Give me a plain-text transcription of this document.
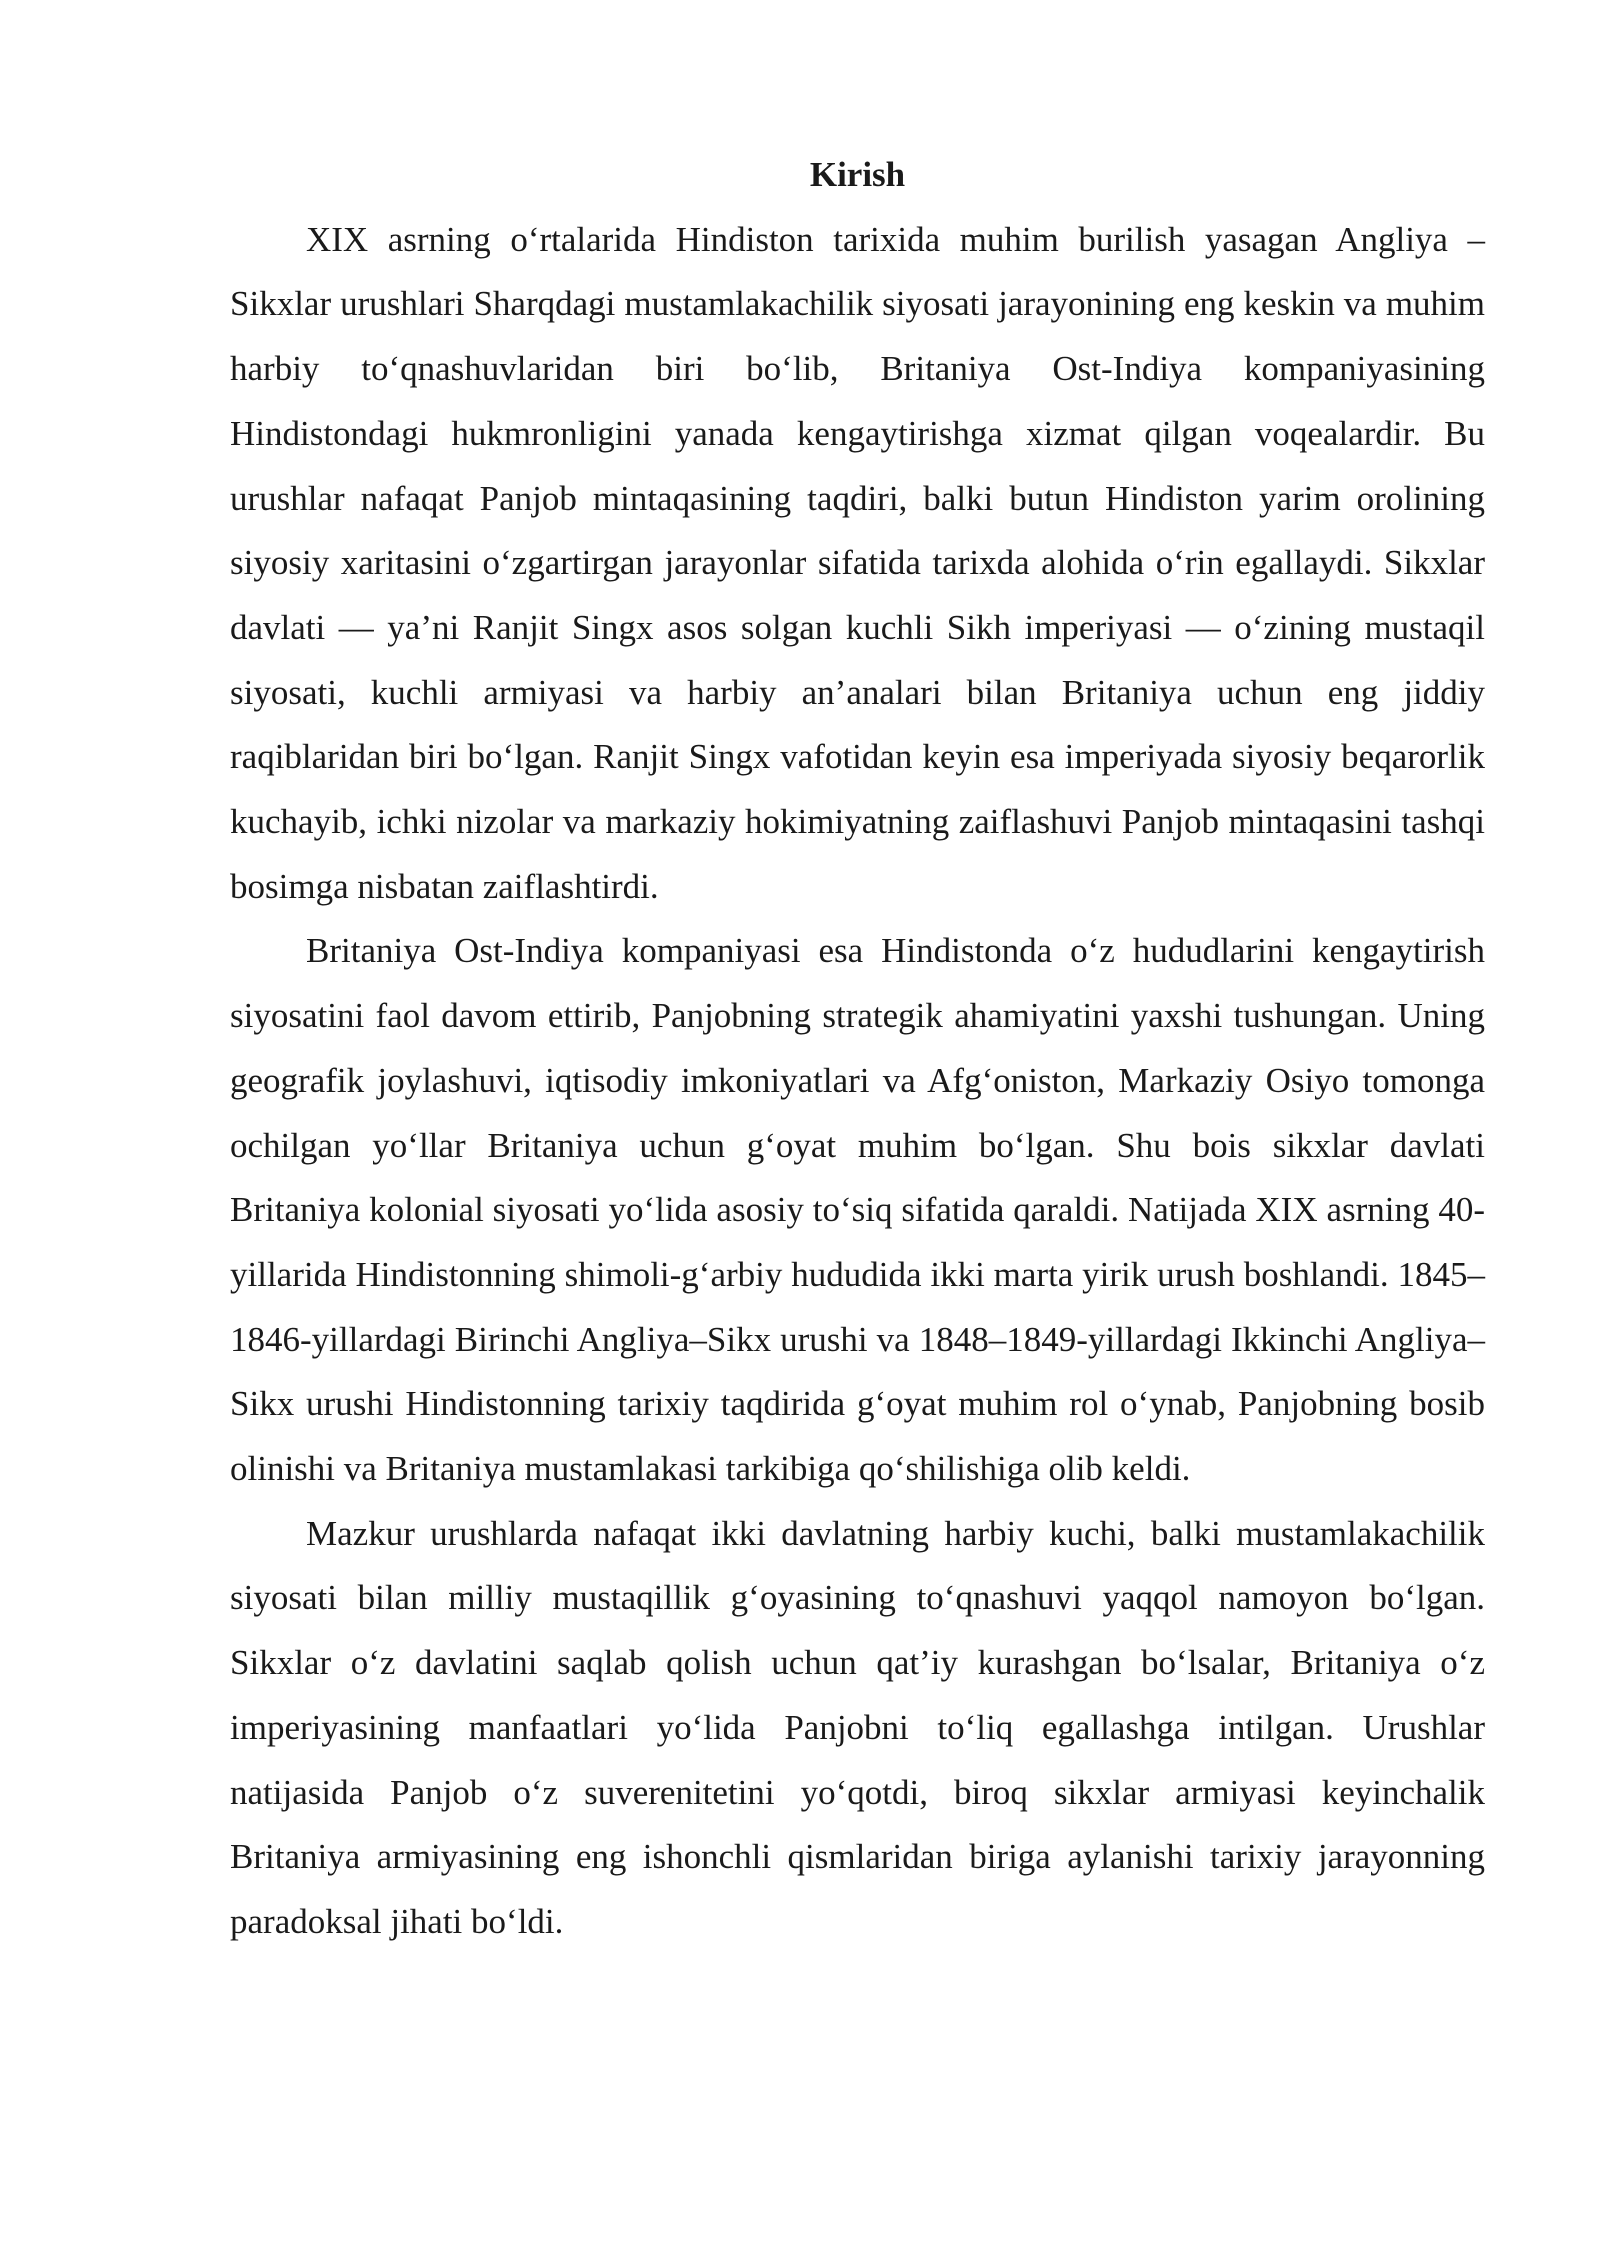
Kirish

XIX asrning o‘rtalarida Hindiston tarixida muhim burilish yasagan Angliya – Sikxlar urushlari Sharqdagi mustamlakachilik siyosati jarayonining eng keskin va muhim harbiy to‘qnashuvlaridan biri bo‘lib, Britaniya Ost-Indiya kompaniyasining Hindistondagi hukmronligini yanada kengaytirishga xizmat qilgan voqealardir. Bu urushlar nafaqat Panjob mintaqasining taqdiri, balki butun Hindiston yarim orolining siyosiy xaritasini o‘zgartirgan jarayonlar sifatida tarixda alohida o‘rin egallaydi. Sikxlar davlati — ya’ni Ranjit Singx asos solgan kuchli Sikh imperiyasi — o‘zining mustaqil siyosati, kuchli armiyasi va harbiy an’analari bilan Britaniya uchun eng jiddiy raqiblaridan biri bo‘lgan. Ranjit Singx vafotidan keyin esa imperiyada siyosiy beqarorlik kuchayib, ichki nizolar va markaziy hokimiyatning zaiflashuvi Panjob mintaqasini tashqi bosimga nisbatan zaiflashtirdi.

Britaniya Ost-Indiya kompaniyasi esa Hindistonda o‘z hududlarini kengaytirish siyosatini faol davom ettirib, Panjobning strategik ahamiyatini yaxshi tushungan. Uning geografik joylashuvi, iqtisodiy imkoniyatlari va Afg‘oniston, Markaziy Osiyo tomonga ochilgan yo‘llar Britaniya uchun g‘oyat muhim bo‘lgan. Shu bois sikxlar davlati Britaniya kolonial siyosati yo‘lida asosiy to‘siq sifatida qaraldi. Natijada XIX asrning 40-yillarida Hindistonning shimoli-g‘arbiy hududida ikki marta yirik urush boshlandi. 1845–1846-yillardagi Birinchi Angliya–Sikx urushi va 1848–1849-yillardagi Ikkinchi Angliya–Sikx urushi Hindistonning tarixiy taqdirida g‘oyat muhim rol o‘ynab, Panjobning bosib olinishi va Britaniya mustamlakasi tarkibiga qo‘shilishiga olib keldi.

Mazkur urushlarda nafaqat ikki davlatning harbiy kuchi, balki mustamlakachilik siyosati bilan milliy mustaqillik g‘oyasining to‘qnashuvi yaqqol namoyon bo‘lgan. Sikxlar o‘z davlatini saqlab qolish uchun qat’iy kurashgan bo‘lsalar, Britaniya o‘z imperiyasining manfaatlari yo‘lida Panjobni to‘liq egallashga intilgan. Urushlar natijasida Panjob o‘z suverenitetini yo‘qotdi, biroq sikxlar armiyasi keyinchalik Britaniya armiyasining eng ishonchli qismlaridan biriga aylanishi tarixiy jarayonning paradoksal jihati bo‘ldi.
